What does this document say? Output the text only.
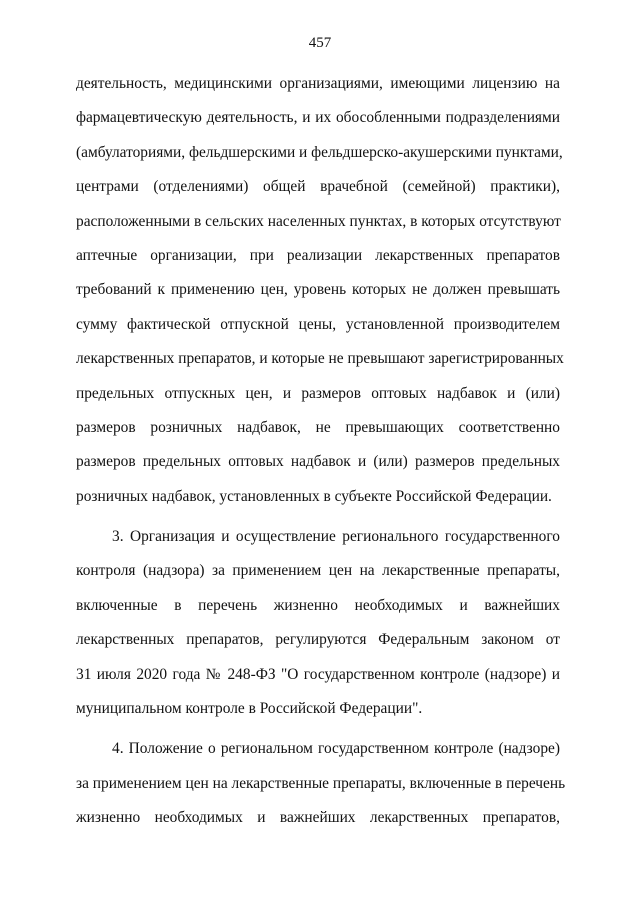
457
деятельность, медицинскими организациями, имеющими лицензию на
фармацевтическую деятельность, и их обособленными подразделениями
(амбулаториями, фельдшерскими и фельдшерско-акушерскими пунктами,
центрами (отделениями) общей врачебной (семейной) практики),
расположенными в сельских населенных пунктах, в которых отсутствуют
аптечные организации, при реализации лекарственных препаратов
требований к применению цен, уровень которых не должен превышать
сумму фактической отпускной цены, установленной производителем
лекарственных препаратов, и которые не превышают зарегистрированных
предельных отпускных цен, и размеров оптовых надбавок и (или)
размеров розничных надбавок, не превышающих соответственно
размеров предельных оптовых надбавок и (или) размеров предельных
розничных надбавок, установленных в субъекте Российской Федерации.
3. Организация и осуществление регионального государственного
контроля (надзора) за применением цен на лекарственные препараты,
включенные в перечень жизненно необходимых и важнейших
лекарственных препаратов, регулируются Федеральным законом от
31 июля 2020 года № 248-ФЗ "О государственном контроле (надзоре) и
муниципальном контроле в Российской Федерации".
4. Положение о региональном государственном контроле (надзоре)
за применением цен на лекарственные препараты, включенные в перечень
жизненно необходимых и важнейших лекарственных препаратов,
